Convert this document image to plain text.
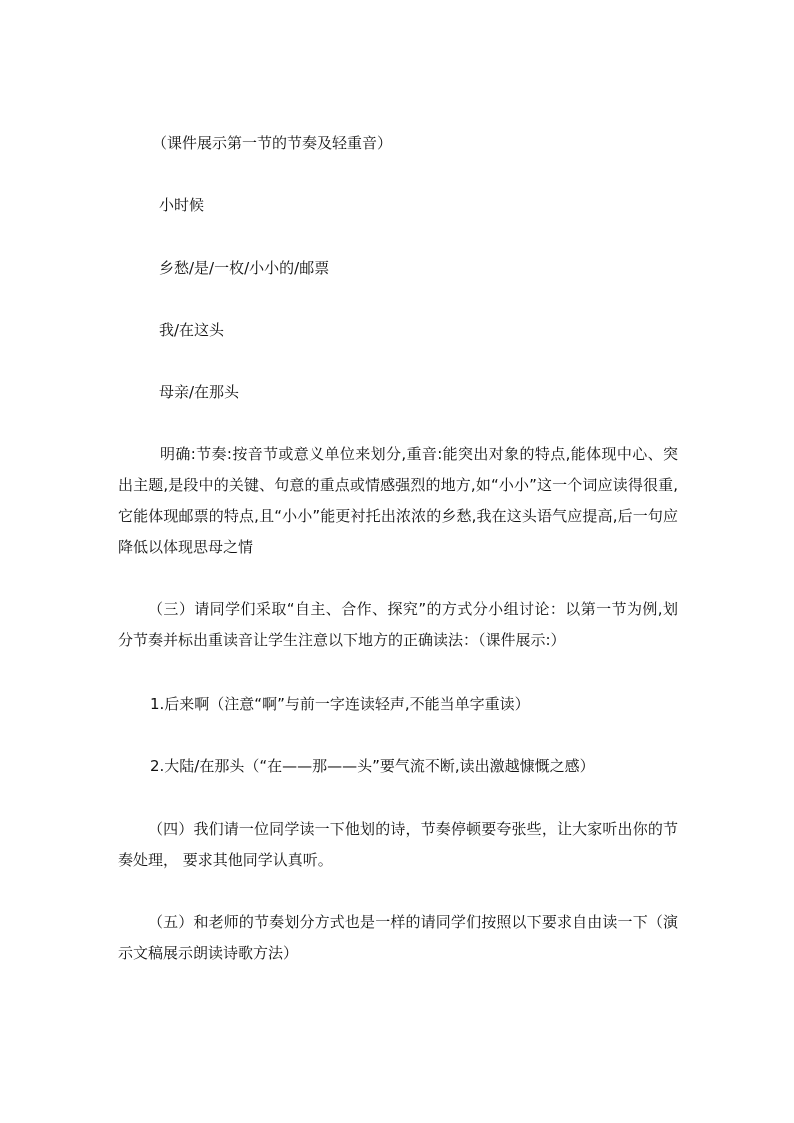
（课件展示第一节的节奏及轻重音）
小时候
乡愁/是/一枚/小小的/邮票
我/在这头
母亲/在那头
明确:节奏:按音节或意义单位来划分,重音:能突出对象的特点,能体现中心、突出主题,是段中的关键、句意的重点或情感强烈的地方,如“小小”这一个词应读得很重,它能体现邮票的特点,且“小小”能更衬托出浓浓的乡愁,我在这头语气应提高,后一句应降低以体现思母之情
（三）请同学们采取“自主、合作、探究”的方式分小组讨论：以第一节为例,划分节奏并标出重读音让学生注意以下地方的正确读法：（课件展示:）
1.后来啊（注意“啊”与前一字连读轻声,不能当单字重读）
2.大陆/在那头（“在——那——头”要气流不断,读出激越慷慨之感）
（四）我们请一位同学读一下他划的诗，节奏停顿要夸张些，让大家听出你的节奏处理， 要求其他同学认真听。
（五）和老师的节奏划分方式也是一样的请同学们按照以下要求自由读一下（演示文稿展示朗读诗歌方法）
